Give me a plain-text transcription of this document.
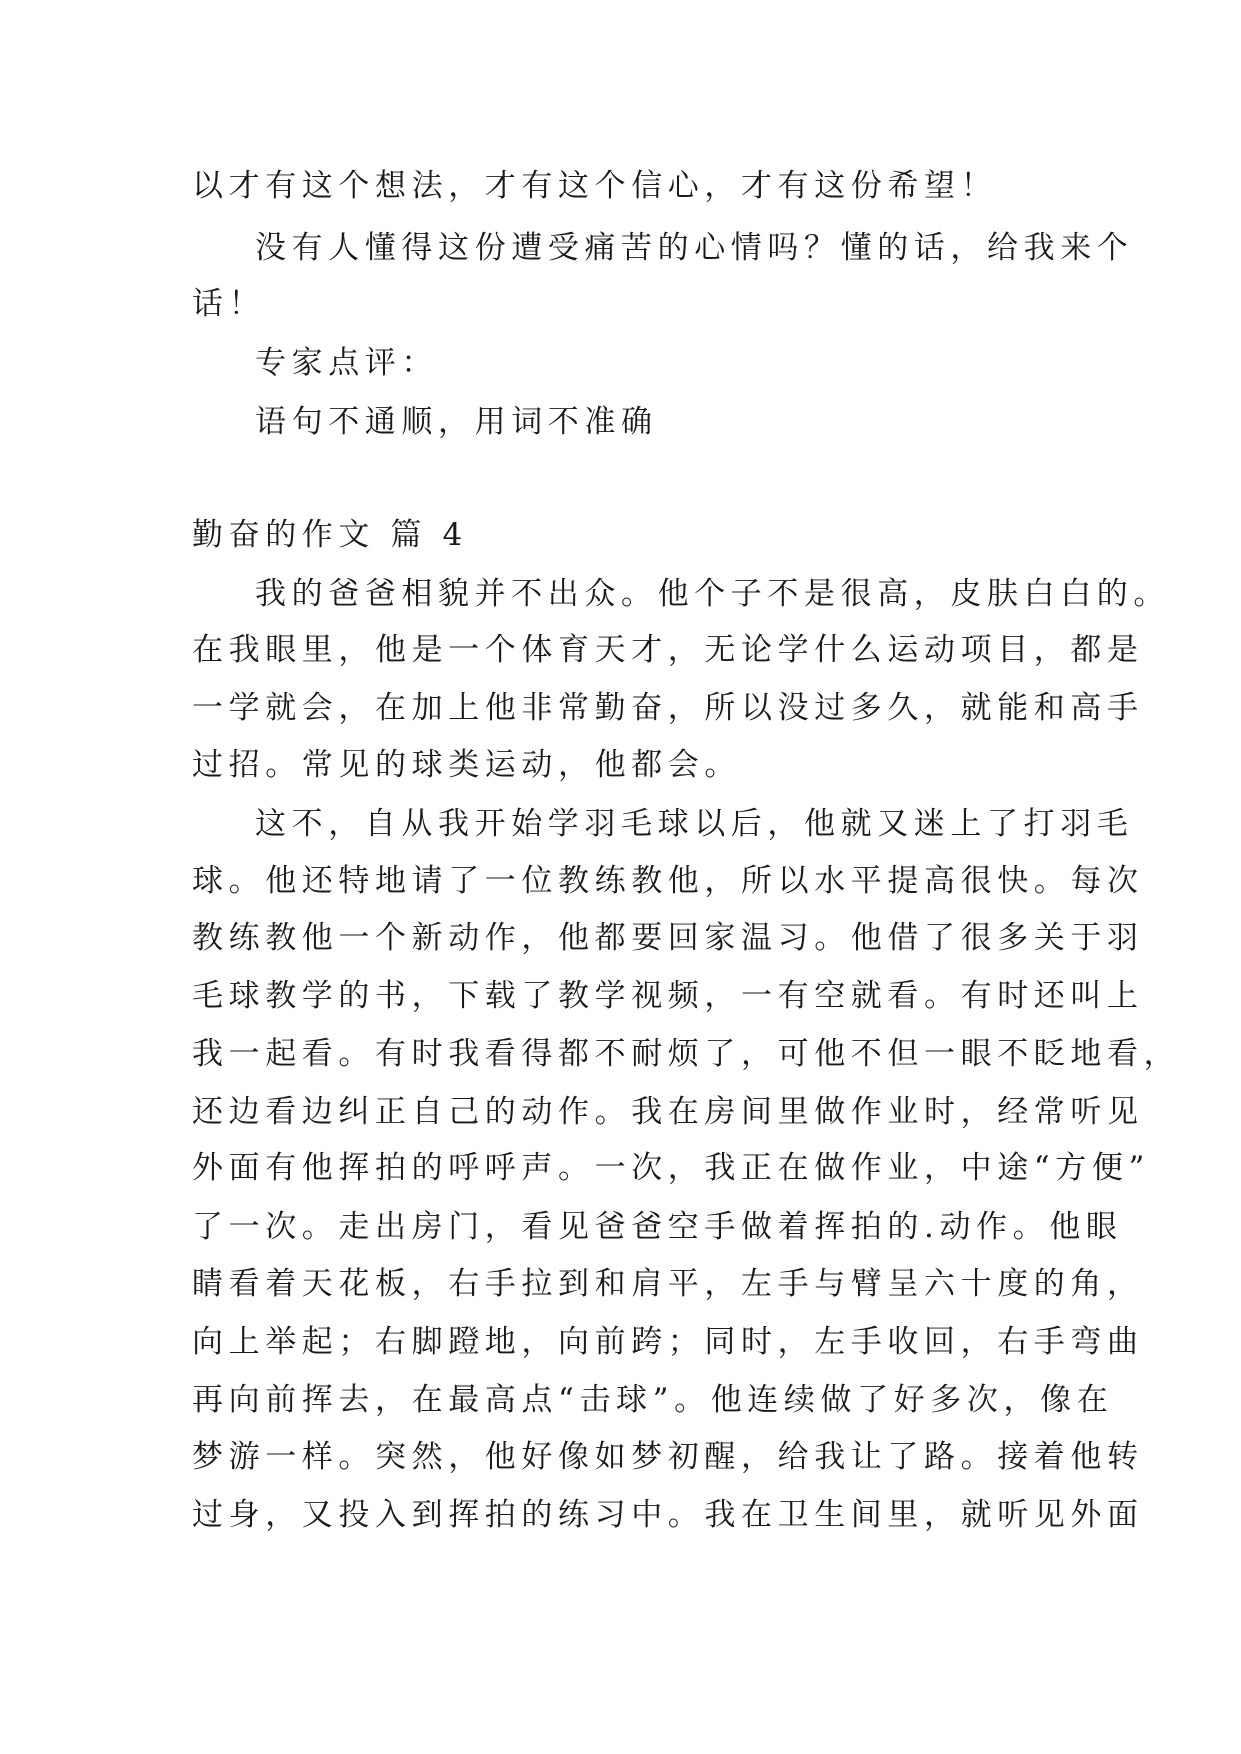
以才有这个想法，才有这个信心，才有这份希望！
没有人懂得这份遭受痛苦的心情吗？懂的话，给我来个
话！
专家点评：
语句不通顺，用词不准确
勤奋的作文 篇 4
我的爸爸相貌并不出众。他个子不是很高，皮肤白白的。
在我眼里，他是一个体育天才，无论学什么运动项目，都是
一学就会，在加上他非常勤奋，所以没过多久，就能和高手
过招。常见的球类运动，他都会。
这不，自从我开始学羽毛球以后，他就又迷上了打羽毛
球。他还特地请了一位教练教他，所以水平提高很快。每次
教练教他一个新动作，他都要回家温习。他借了很多关于羽
毛球教学的书，下载了教学视频，一有空就看。有时还叫上
我一起看。有时我看得都不耐烦了，可他不但一眼不眨地看，
还边看边纠正自己的动作。我在房间里做作业时，经常听见
外面有他挥拍的呼呼声。一次，我正在做作业，中途“方便”
了一次。走出房门，看见爸爸空手做着挥拍的.动作。他眼
睛看着天花板，右手拉到和肩平，左手与臂呈六十度的角，
向上举起；右脚蹬地，向前跨；同时，左手收回，右手弯曲
再向前挥去，在最高点“击球”。他连续做了好多次，像在
梦游一样。突然，他好像如梦初醒，给我让了路。接着他转
过身，又投入到挥拍的练习中。我在卫生间里，就听见外面
